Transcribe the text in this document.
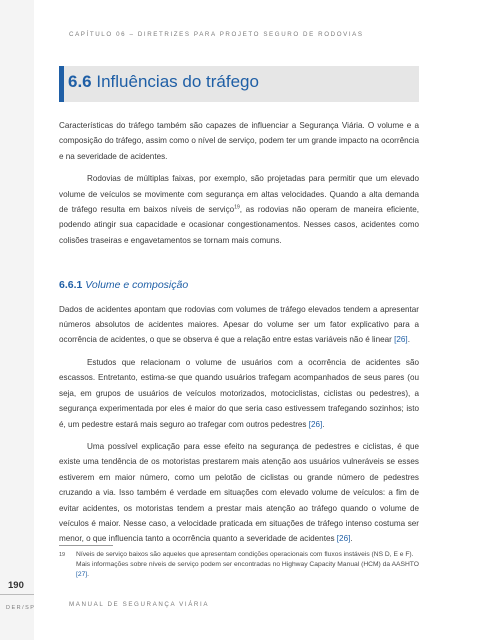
CAPÍTULO 06 – DIRETRIZES PARA PROJETO SEGURO DE RODOVIAS
6.6 Influências do tráfego

Características do tráfego também são capazes de influenciar a Segurança Viária. O volume e a composição do tráfego, assim como o nível de serviço, podem ter um grande impacto na ocorrência e na severidade de acidentes.

Rodovias de múltiplas faixas, por exemplo, são projetadas para permitir que um elevado volume de veículos se movimente com segurança em altas velocidades. Quando a alta demanda de tráfego resulta em baixos níveis de serviço$^{19}$, as rodovias não operam de maneira eficiente, podendo atingir sua capacidade e ocasionar congestionamentos. Nesses casos, acidentes como colisões traseiras e engavetamentos se tornam mais comuns.

6.6.1 Volume e composição

Dados de acidentes apontam que rodovias com volumes de tráfego elevados tendem a apresentar números absolutos de acidentes maiores. Apesar do volume ser um fator explicativo para a ocorrência de acidentes, o que se observa é que a relação entre estas variáveis não é linear [26].

Estudos que relacionam o volume de usuários com a ocorrência de acidentes são escassos. Entretanto, estima-se que quando usuários trafegam acompanhados de seus pares (ou seja, em grupos de usuários de veículos motorizados, motociclistas, ciclistas ou pedestres), a segurança experimentada por eles é maior do que seria caso estivessem trafegando sozinhos; isto é, um pedestre estará mais seguro ao trafegar com outros pedestres [26].

Uma possível explicação para esse efeito na segurança de pedestres e ciclistas, é que existe uma tendência de os motoristas prestarem mais atenção aos usuários vulneráveis se esses estiverem em maior número, como um pelotão de ciclistas ou grande número de pedestres cruzando a via. Isso também é verdade em situações com elevado volume de veículos: a fim de evitar acidentes, os motoristas tendem a prestar mais atenção ao tráfego quando o volume de veículos é maior. Nesse caso, a velocidade praticada em situações de tráfego intenso costuma ser menor, o que influencia tanto a ocorrência quanto a severidade de acidentes [26].

19	Níveis de serviço baixos são aqueles que apresentam condições operacionais com fluxos instáveis (NS D, E e F). Mais informações sobre níveis de serviço podem ser encontradas no Highway Capacity Manual (HCM) da AASHTO [27].
190
DER/SP	MANUAL DE SEGURANÇA VIÁRIA
